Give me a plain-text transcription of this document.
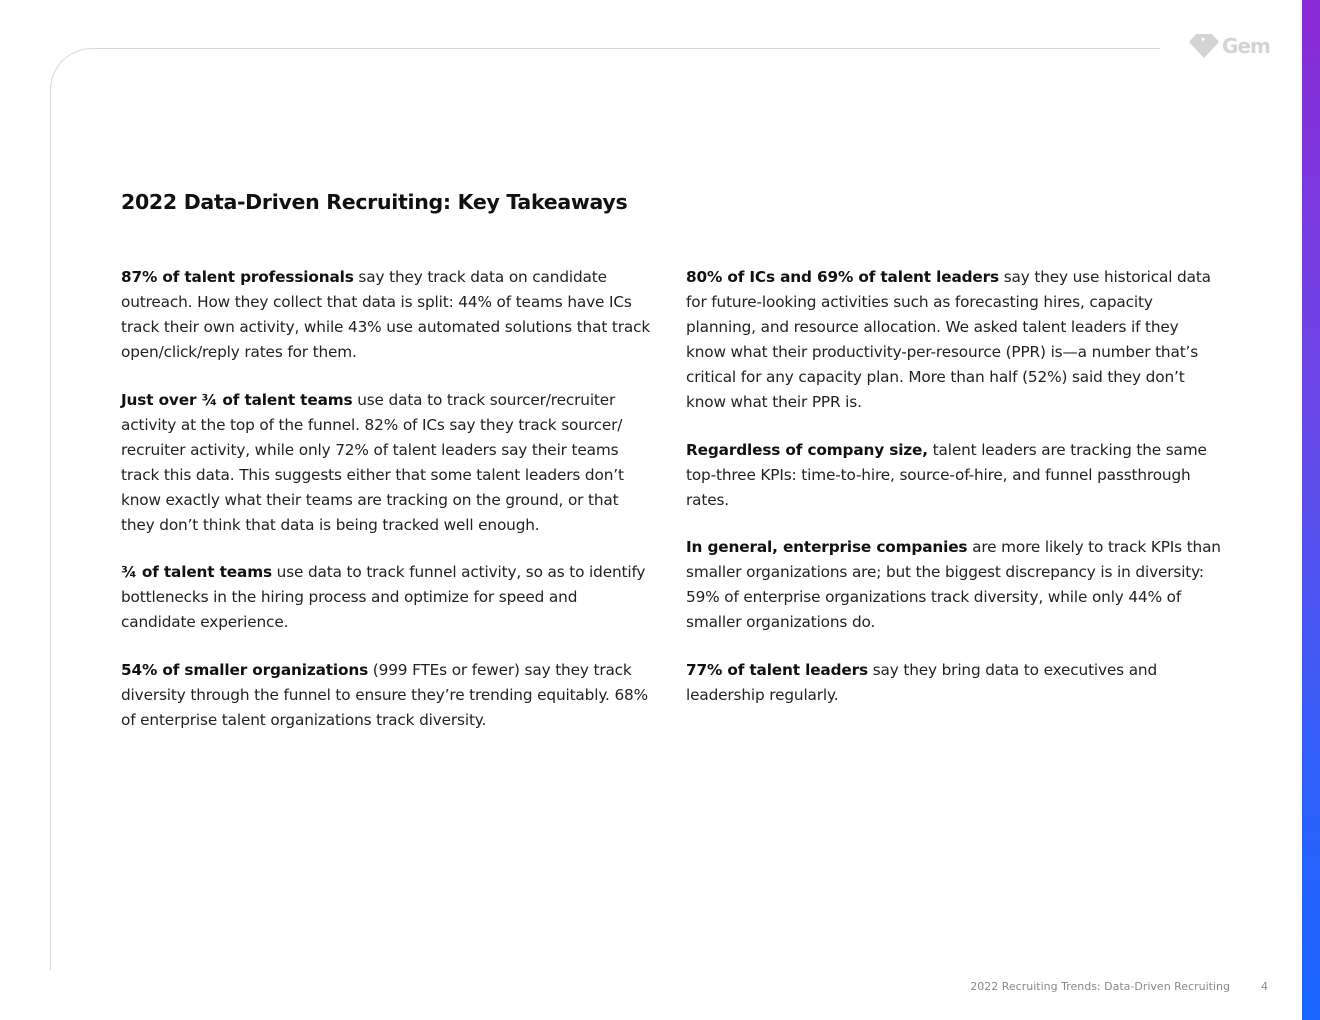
Gem
2022 Data-Driven Recruiting: Key Takeaways

87% of talent professionals say they track data on candidate outreach. How they collect that data is split: 44% of teams have ICs track their own activity, while 43% use automated solutions that track open/click/reply rates for them.

Just over ¾ of talent teams use data to track sourcer/recruiter activity at the top of the funnel. 82% of ICs say they track sourcer/ recruiter activity, while only 72% of talent leaders say their teams track this data. This suggests either that some talent leaders don’t know exactly what their teams are tracking on the ground, or that they don’t think that data is being tracked well enough.

¾ of talent teams use data to track funnel activity, so as to identify bottlenecks in the hiring process and optimize for speed and candidate experience.

54% of smaller organizations (999 FTEs or fewer) say they track diversity through the funnel to ensure they’re trending equitably. 68% of enterprise talent organizations track diversity.

80% of ICs and 69% of talent leaders say they use historical data for future-looking activities such as forecasting hires, capacity planning, and resource allocation. We asked talent leaders if they know what their productivity-per-resource (PPR) is—a number that’s critical for any capacity plan. More than half (52%) said they don’t know what their PPR is.

Regardless of company size, talent leaders are tracking the same top-three KPIs: time-to-hire, source-of-hire, and funnel passthrough rates.

In general, enterprise companies are more likely to track KPIs than smaller organizations are; but the biggest discrepancy is in diversity: 59% of enterprise organizations track diversity, while only 44% of smaller organizations do.

77% of talent leaders say they bring data to executives and leadership regularly.

2022 Recruiting Trends: Data-Driven Recruiting	4
